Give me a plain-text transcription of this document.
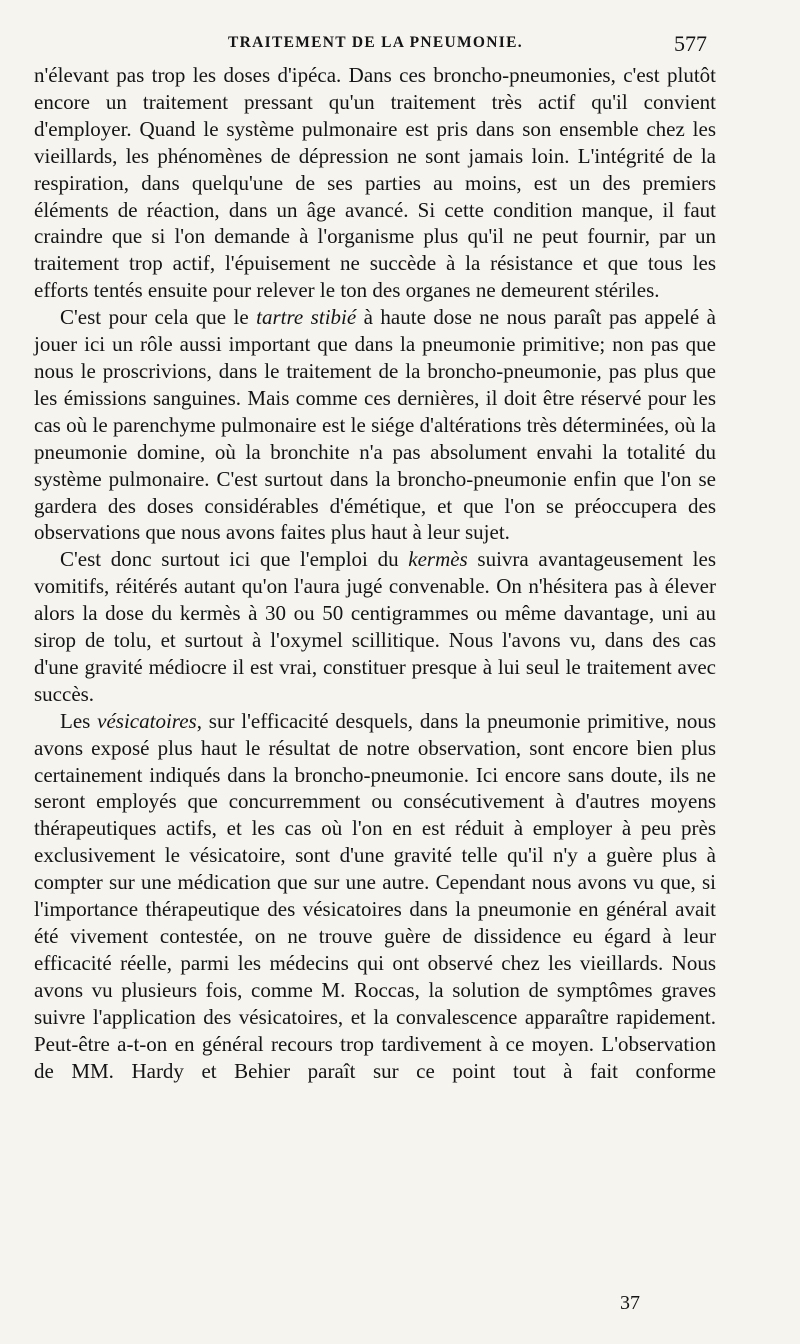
TRAITEMENT DE LA PNEUMONIE.	577

n'élevant pas trop les doses d'ipéca. Dans ces broncho-pneumonies, c'est plutôt encore un traitement pressant qu'un traitement très actif qu'il convient d'employer. Quand le système pulmonaire est pris dans son ensemble chez les vieillards, les phénomènes de dépression ne sont jamais loin. L'intégrité de la respiration, dans quelqu'une de ses parties au moins, est un des premiers éléments de réaction, dans un âge avancé. Si cette condition manque, il faut craindre que si l'on demande à l'organisme plus qu'il ne peut fournir, par un traitement trop actif, l'épuisement ne succède à la résistance et que tous les efforts tentés ensuite pour relever le ton des organes ne demeurent stériles.

C'est pour cela que le tartre stibié à haute dose ne nous paraît pas appelé à jouer ici un rôle aussi important que dans la pneumonie primitive; non pas que nous le proscrivions, dans le traitement de la broncho-pneumonie, pas plus que les émissions sanguines. Mais comme ces dernières, il doit être réservé pour les cas où le parenchyme pulmonaire est le siége d'altérations très déterminées, où la pneumonie domine, où la bronchite n'a pas absolument envahi la totalité du système pulmonaire. C'est surtout dans la broncho-pneumonie enfin que l'on se gardera des doses considérables d'émétique, et que l'on se préoccupera des observations que nous avons faites plus haut à leur sujet.

C'est donc surtout ici que l'emploi du kermès suivra avantageusement les vomitifs, réitérés autant qu'on l'aura jugé convenable. On n'hésitera pas à élever alors la dose du kermès à 30 ou 50 centigrammes ou même davantage, uni au sirop de tolu, et surtout à l'oxymel scillitique. Nous l'avons vu, dans des cas d'une gravité médiocre il est vrai, constituer presque à lui seul le traitement avec succès.

Les vésicatoires, sur l'efficacité desquels, dans la pneumonie primitive, nous avons exposé plus haut le résultat de notre observation, sont encore bien plus certainement indiqués dans la broncho-pneumonie. Ici encore sans doute, ils ne seront employés que concurremment ou consécutivement à d'autres moyens thérapeutiques actifs, et les cas où l'on en est réduit à employer à peu près exclusivement le vésicatoire, sont d'une gravité telle qu'il n'y a guère plus à compter sur une médication que sur une autre. Cependant nous avons vu que, si l'importance thérapeutique des vésicatoires dans la pneumonie en général avait été vivement contestée, on ne trouve guère de dissidence eu égard à leur efficacité réelle, parmi les médecins qui ont observé chez les vieillards. Nous avons vu plusieurs fois, comme M. Roccas, la solution de symptômes graves suivre l'application des vésicatoires, et la convalescence apparaître rapidement. Peut-être a-t-on en général recours trop tardivement à ce moyen. L'observation de MM. Hardy et Behier paraît sur ce point tout à fait conforme

37
